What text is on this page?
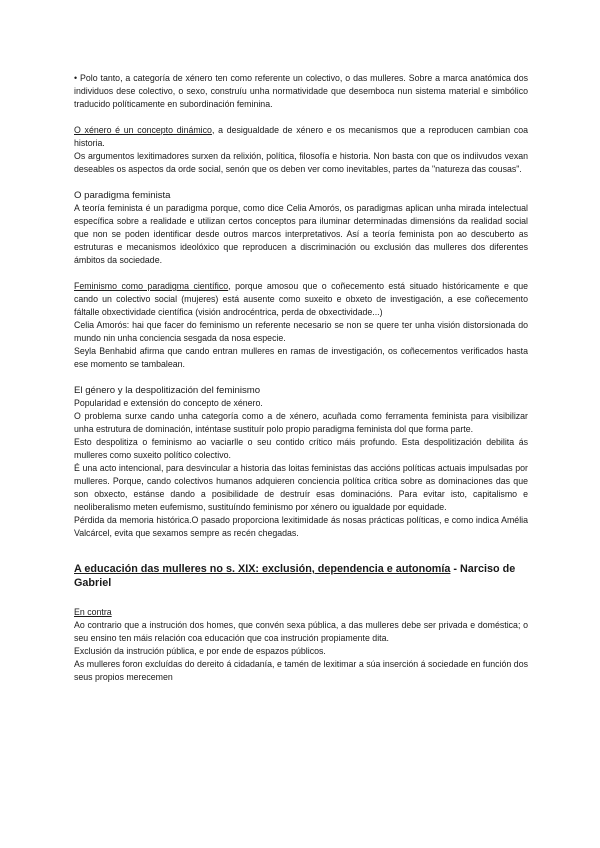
• Polo tanto, a categoría de xénero ten como referente un colectivo, o das mulleres. Sobre a marca anatómica dos individuos dese colectivo, o sexo, construíu unha normatividade que desemboca nun sistema material e simbólico traducido políticamente en subordinación feminina.

O xénero é un concepto dinámico, a desigualdade de xénero e os mecanismos que a reproducen cambian coa historia.

Os argumentos lexitimadores surxen da relixión, política, filosofía e historia. Non basta con que os indiivudos vexan deseables os aspectos da orde social, senón que os deben ver como inevitables, partes da "natureza das cousas".

O paradigma feminista

A teoría feminista é un paradigma porque, como dice Celia Amorós, os paradigmas aplican unha mirada intelectual específica sobre a realidade e utilizan certos conceptos para iluminar determinadas dimensións da realidad social que non se poden identificar desde outros marcos interpretativos. Así a teoría feminista pon ao descuberto as estruturas e mecanismos ideolóxico que reproducen a discriminación ou exclusión das mulleres dos diferentes ámbitos da sociedade.

Feminismo como paradigma científico, porque amosou que o coñecemento está situado históricamente e que cando un colectivo social (mujeres) está ausente como suxeito e obxeto de investigación, a ese coñecemento fáltalle obxectividade científica (visión androcéntrica, perda de obxectividade...)

Celia Amorós: hai que facer do feminismo un referente necesario se non se quere ter unha visión distorsionada do mundo nin unha conciencia sesgada da nosa especie.

Seyla Benhabid afirma que cando entran mulleres en ramas de investigación, os coñecementos verificados hasta ese momento se tambalean.

El género y la despolitización del feminismo

Popularidad e extensión do concepto de xénero.

O problema surxe cando unha categoría como a de xénero, acuñada como ferramenta feminista para visibilizar unha estrutura de dominación, inténtase sustituír polo propio paradigma feminista dol que forma parte.

Esto despolitiza o feminismo ao vaciarlle o seu contido crítico máis profundo. Esta despolitización debilita ás mulleres como suxeito político colectivo.

É una acto intencional, para desvincular a historia das loitas feministas das accións políticas actuais impulsadas por mulleres. Porque, cando colectivos humanos adquieren conciencia política crítica sobre as dominaciones das que son obxecto, estánse dando a posibilidade de destruír esas dominacións. Para evitar isto, capitalismo e neoliberalismo meten eufemismo, sustituíndo feminismo por xénero ou igualdade por equidade.

Pérdida da memoria histórica.O pasado proporciona lexitimidade ás nosas prácticas políticas, e como indica Amélia Valcárcel, evita que sexamos sempre as recén chegadas.

A educación das mulleres no s. XIX: exclusión, dependencia e autonomía - Narciso de Gabriel

En contra

Ao contrario que a instrución dos homes, que convén sexa pública, a das mulleres debe ser privada e doméstica; o seu ensino ten máis relación coa educación que coa instrución propiamente dita.

Exclusión da instrución pública, e por ende de espazos públicos.

As mulleres foron excluídas do dereito á cidadanía, e tamén de lexitimar a súa inserción á sociedade en función dos seus propios merecemen
